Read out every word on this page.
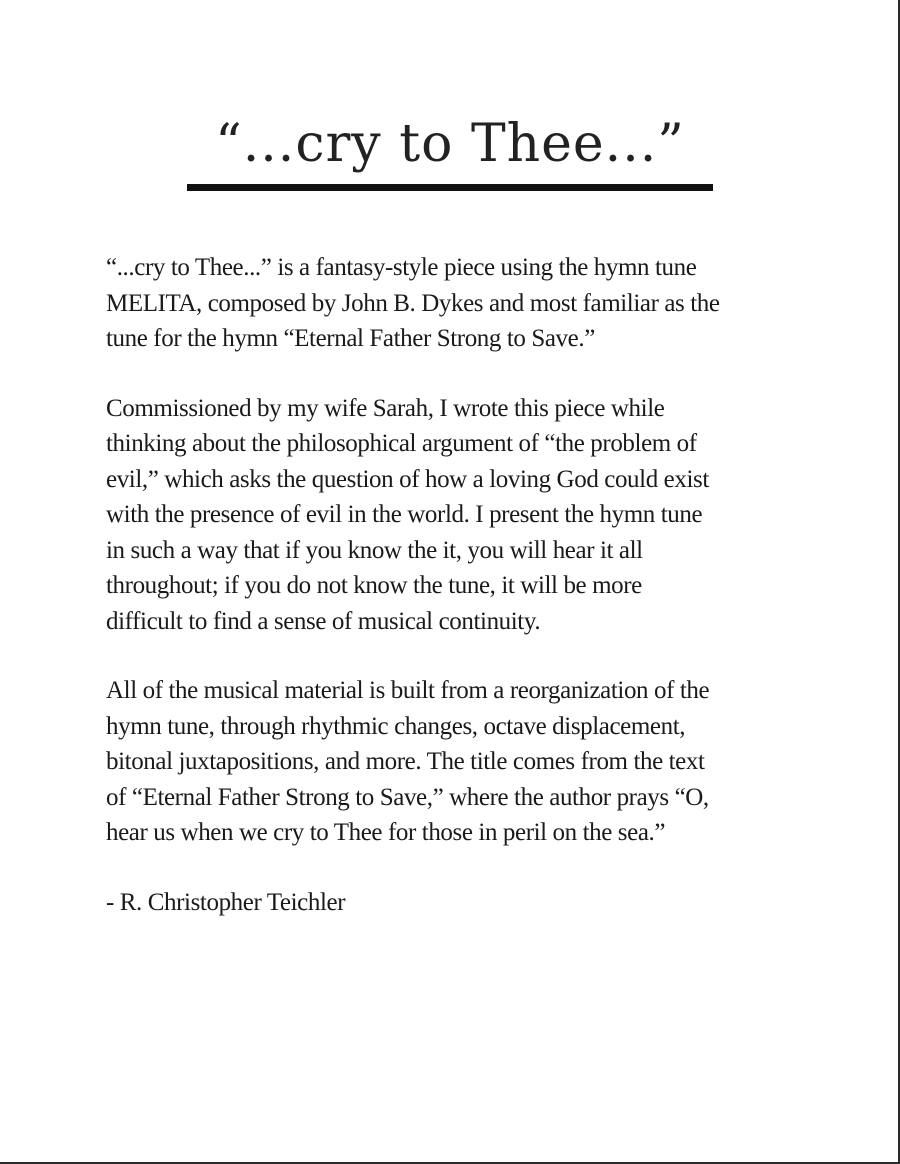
“...cry to Thee...”

“...cry to Thee...” is a fantasy-style piece using the hymn tune
MELITA, composed by John B. Dykes and most familiar as the
tune for the hymn “Eternal Father Strong to Save.”

Commissioned by my wife Sarah, I wrote this piece while
thinking about the philosophical argument of “the problem of
evil,” which asks the question of how a loving God could exist
with the presence of evil in the world. I present the hymn tune
in such a way that if you know the it, you will hear it all
throughout; if you do not know the tune, it will be more
difficult to find a sense of musical continuity.

All of the musical material is built from a reorganization of the
hymn tune, through rhythmic changes, octave displacement,
bitonal juxtapositions, and more. The title comes from the text
of “Eternal Father Strong to Save,” where the author prays “O,
hear us when we cry to Thee for those in peril on the sea.”

- R. Christopher Teichler
